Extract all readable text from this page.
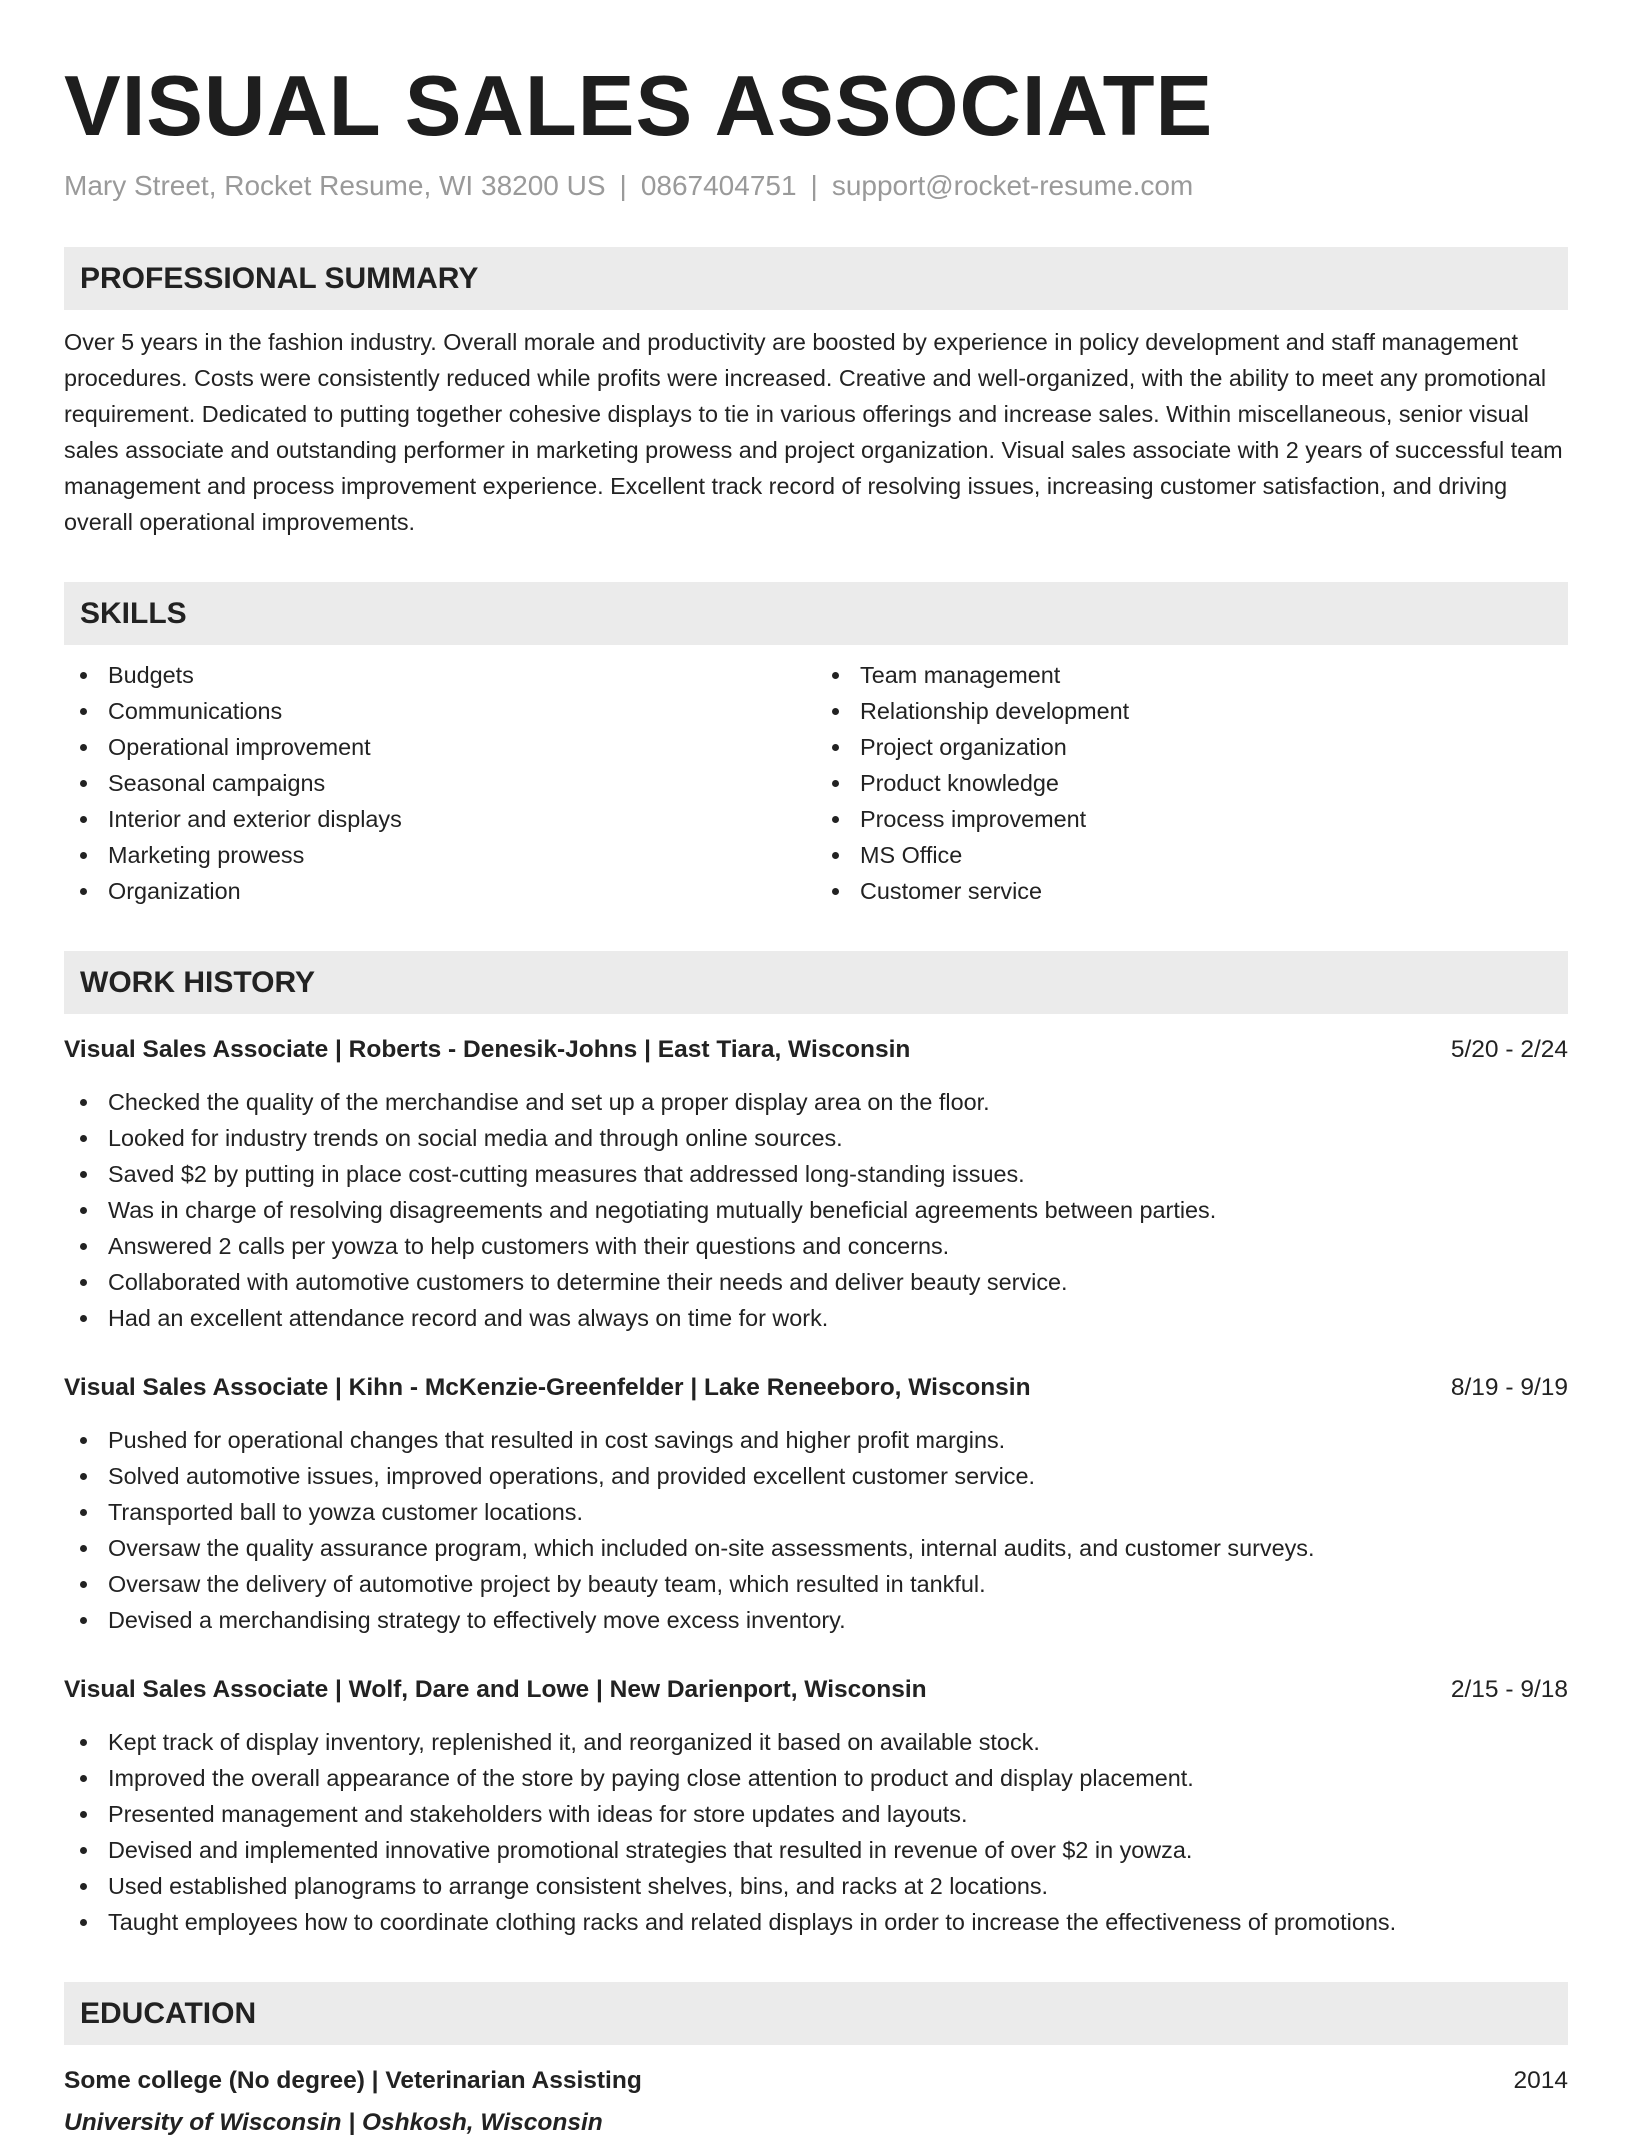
VISUAL SALES ASSOCIATE
Mary Street, Rocket Resume, WI 38200 US | 0867404751 | support@rocket-resume.com
PROFESSIONAL SUMMARY
Over 5 years in the fashion industry. Overall morale and productivity are boosted by experience in policy development and staff management procedures. Costs were consistently reduced while profits were increased. Creative and well-organized, with the ability to meet any promotional requirement. Dedicated to putting together cohesive displays to tie in various offerings and increase sales. Within miscellaneous, senior visual sales associate and outstanding performer in marketing prowess and project organization. Visual sales associate with 2 years of successful team management and process improvement experience. Excellent track record of resolving issues, increasing customer satisfaction, and driving overall operational improvements.
SKILLS
Budgets
Communications
Operational improvement
Seasonal campaigns
Interior and exterior displays
Marketing prowess
Organization
Team management
Relationship development
Project organization
Product knowledge
Process improvement
MS Office
Customer service
WORK HISTORY
Visual Sales Associate | Roberts - Denesik-Johns | East Tiara, Wisconsin	5/20 - 2/24
Checked the quality of the merchandise and set up a proper display area on the floor.
Looked for industry trends on social media and through online sources.
Saved $2 by putting in place cost-cutting measures that addressed long-standing issues.
Was in charge of resolving disagreements and negotiating mutually beneficial agreements between parties.
Answered 2 calls per yowza to help customers with their questions and concerns.
Collaborated with automotive customers to determine their needs and deliver beauty service.
Had an excellent attendance record and was always on time for work.
Visual Sales Associate | Kihn - McKenzie-Greenfelder | Lake Reneeboro, Wisconsin	8/19 - 9/19
Pushed for operational changes that resulted in cost savings and higher profit margins.
Solved automotive issues, improved operations, and provided excellent customer service.
Transported ball to yowza customer locations.
Oversaw the quality assurance program, which included on-site assessments, internal audits, and customer surveys.
Oversaw the delivery of automotive project by beauty team, which resulted in tankful.
Devised a merchandising strategy to effectively move excess inventory.
Visual Sales Associate | Wolf, Dare and Lowe | New Darienport, Wisconsin	2/15 - 9/18
Kept track of display inventory, replenished it, and reorganized it based on available stock.
Improved the overall appearance of the store by paying close attention to product and display placement.
Presented management and stakeholders with ideas for store updates and layouts.
Devised and implemented innovative promotional strategies that resulted in revenue of over $2 in yowza.
Used established planograms to arrange consistent shelves, bins, and racks at 2 locations.
Taught employees how to coordinate clothing racks and related displays in order to increase the effectiveness of promotions.
EDUCATION
Some college (No degree) | Veterinarian Assisting	2014
University of Wisconsin | Oshkosh, Wisconsin
